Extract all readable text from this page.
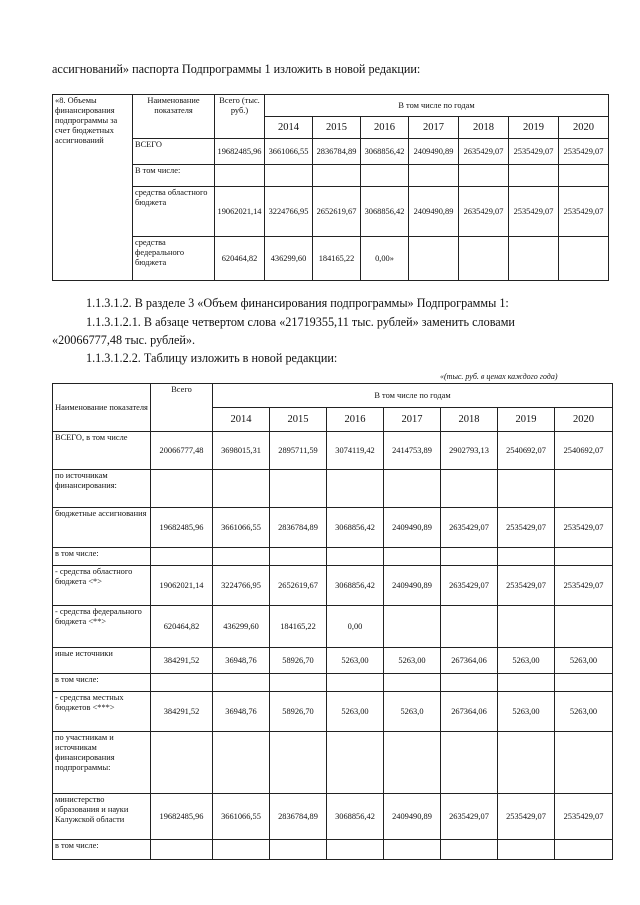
ассигнований» паспорта Подпрограммы 1 изложить в новой редакции:
«8. Объемы финансирования подпрограммы за счет бюджетных ассигнований	Наименование показателя	Всего (тыс. руб.)	В том числе по годам						
			2014	2015	2016	2017	2018	2019	2020
	ВСЕГО	19682485,96	3661066,55	2836784,89	3068856,42	2409490,89	2635429,07	2535429,07	2535429,07
	В том числе:								
	средства областного бюджета	19062021,14	3224766,95	2652619,67	3068856,42	2409490,89	2635429,07	2535429,07	2535429,07
	средства федерального бюджета	620464,82	436299,60	184165,22	0,00»				
1.1.3.1.2. В разделе 3 «Объем финансирования подпрограммы» Подпрограммы 1:
1.1.3.1.2.1. В абзаце четвертом слова «21719355,11 тыс. рублей» заменить словами
«20066777,48 тыс. рублей».
1.1.3.1.2.2. Таблицу изложить в новой редакции:
«(тыс. руб. в ценах каждого года)
Наименование показателя	Всего	В том числе по годам						
		2014	2015	2016	2017	2018	2019	2020
ВСЕГО, в том числе	20066777,48	3698015,31	2895711,59	3074119,42	2414753,89	2902793,13	2540692,07	2540692,07
по источникам финансирования:								
бюджетные ассигнования	19682485,96	3661066,55	2836784,89	3068856,42	2409490,89	2635429,07	2535429,07	2535429,07
в том числе:								
- средства областного бюджета <*>	19062021,14	3224766,95	2652619,67	3068856,42	2409490,89	2635429,07	2535429,07	2535429,07
- средства федерального бюджета <**>	620464,82	436299,60	184165,22	0,00				
иные источники	384291,52	36948,76	58926,70	5263,00	5263,00	267364,06	5263,00	5263,00
в том числе:								
- средства местных бюджетов <***>	384291,52	36948,76	58926,70	5263,00	5263,0	267364,06	5263,00	5263,00
по участникам и источникам финансирования подпрограммы:								
министерство образования и науки Калужской области	19682485,96	3661066,55	2836784,89	3068856,42	2409490,89	2635429,07	2535429,07	2535429,07
в том числе:								
